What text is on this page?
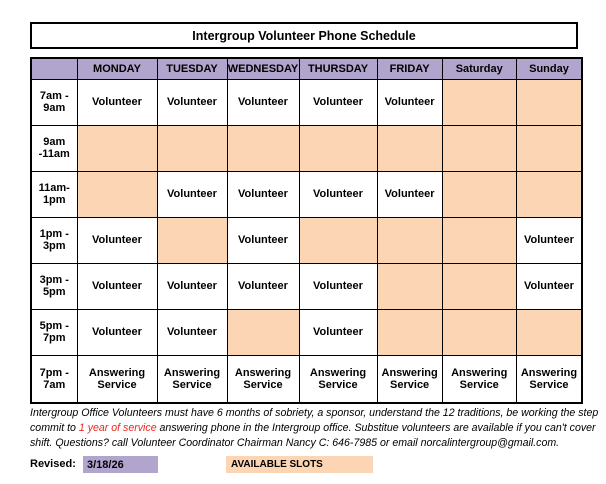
Intergroup Volunteer Phone Schedule
	MONDAY	TUESDAY	WEDNESDAY	THURSDAY	FRIDAY	Saturday	Sunday
7am - 9am	Volunteer	Volunteer	Volunteer	Volunteer	Volunteer		
9am -11am							
11am-1pm		Volunteer	Volunteer	Volunteer	Volunteer		
1pm - 3pm	Volunteer		Volunteer				Volunteer
3pm - 5pm	Volunteer	Volunteer	Volunteer	Volunteer			Volunteer
5pm - 7pm	Volunteer	Volunteer		Volunteer			
7pm - 7am	Answering Service	Answering Service	Answering Service	Answering Service	Answering Service	Answering Service	Answering Service
Intergroup Office Volunteers must have 6 months of sobriety, a sponsor, understand the 12 traditions, be working the step
commit to 1 year of service answering phone in the Intergroup office. Substitue volunteers are available if you can't cover
shift. Questions? call Volunteer Coordinator Chairman Nancy C: 646-7985 or email norcalintergroup@gmail.com.
Revised: 3/18/26	AVAILABLE SLOTS
